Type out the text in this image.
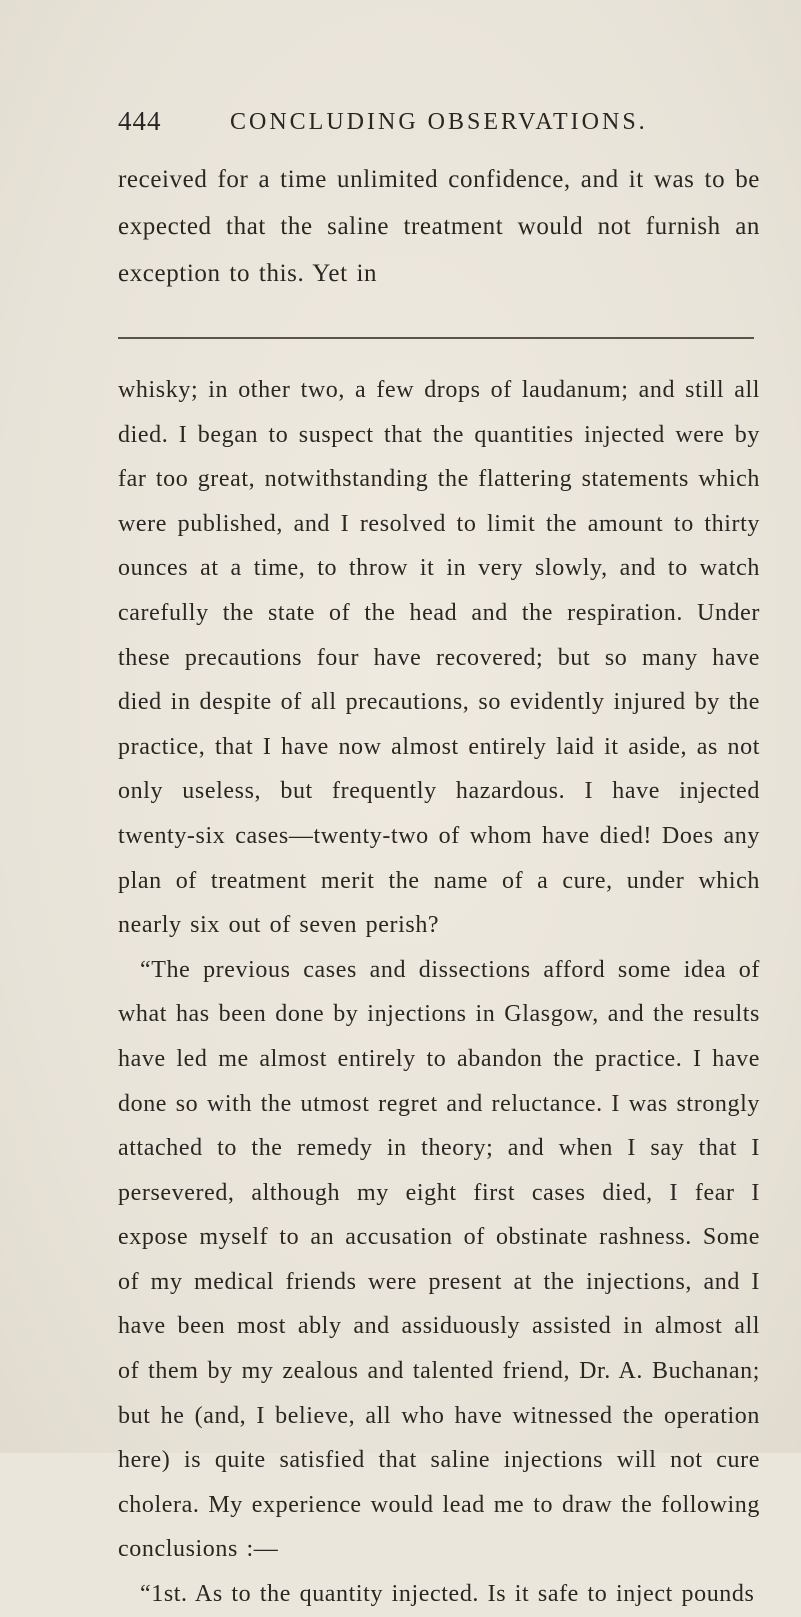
444	CONCLUDING OBSERVATIONS.

received for a time unlimited confidence, and it was to be expected that the saline treatment would not furnish an exception to this. Yet in

whisky; in other two, a few drops of laudanum; and still all died. I began to suspect that the quantities injected were by far too great, notwithstanding the flattering statements which were published, and I resolved to limit the amount to thirty ounces at a time, to throw it in very slowly, and to watch carefully the state of the head and the respiration. Under these precautions four have recovered; but so many have died in despite of all precautions, so evidently injured by the practice, that I have now almost entirely laid it aside, as not only useless, but frequently hazardous. I have injected twenty-six cases—twenty-two of whom have died! Does any plan of treatment merit the name of a cure, under which nearly six out of seven perish?

“The previous cases and dissections afford some idea of what has been done by injections in Glasgow, and the results have led me almost entirely to abandon the practice. I have done so with the utmost regret and reluctance. I was strongly attached to the remedy in theory; and when I say that I persevered, although my eight first cases died, I fear I expose myself to an accusation of obstinate rashness. Some of my medical friends were present at the injections, and I have been most ably and assiduously assisted in almost all of them by my zealous and talented friend, Dr. A. Buchanan; but he (and, I believe, all who have witnessed the operation here) is quite satisfied that saline injections will not cure cholera. My experience would lead me to draw the following conclusions :—

“1st. As to the quantity injected. Is it safe to inject pounds
